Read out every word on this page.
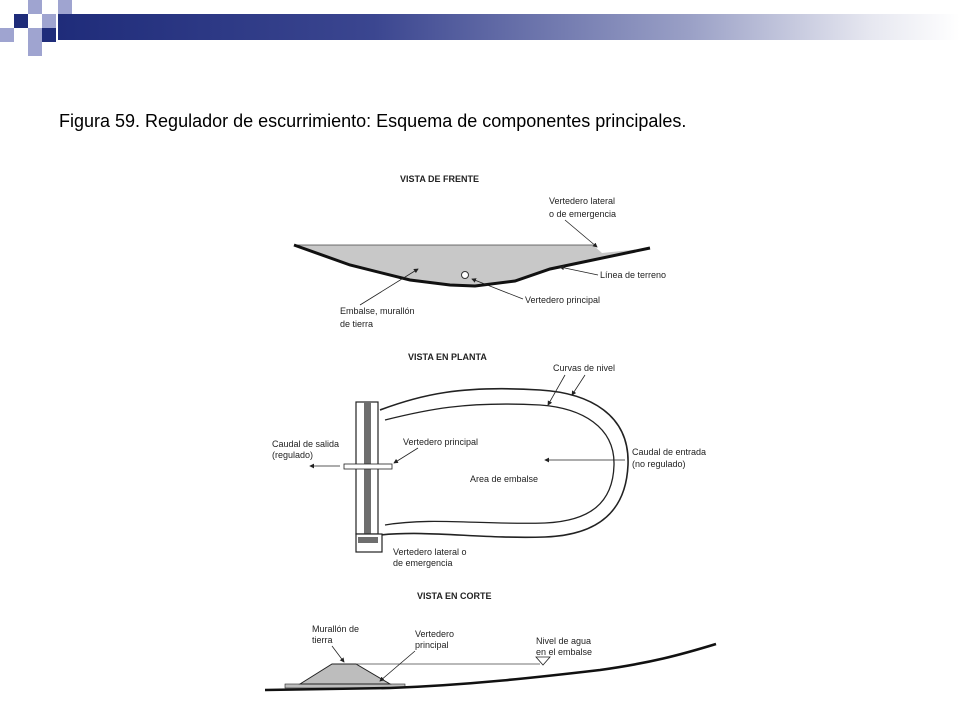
Figura 59. Regulador de escurrimiento: Esquema de componentes principales.
VISTA DE FRENTE
Vertedero lateral
o de emergencia
Línea de terreno
Vertedero principal
Embalse, murallón
de tierra
VISTA EN PLANTA
Caudal de salida
(regulado)
Vertedero principal
Curvas de nivel
Caudal de entrada
(no regulado)
Area de embalse
Vertedero lateral o
de emergencia
VISTA EN CORTE
Murallón de
tierra
Vertedero
principal	Nivel de agua
en el embalse
